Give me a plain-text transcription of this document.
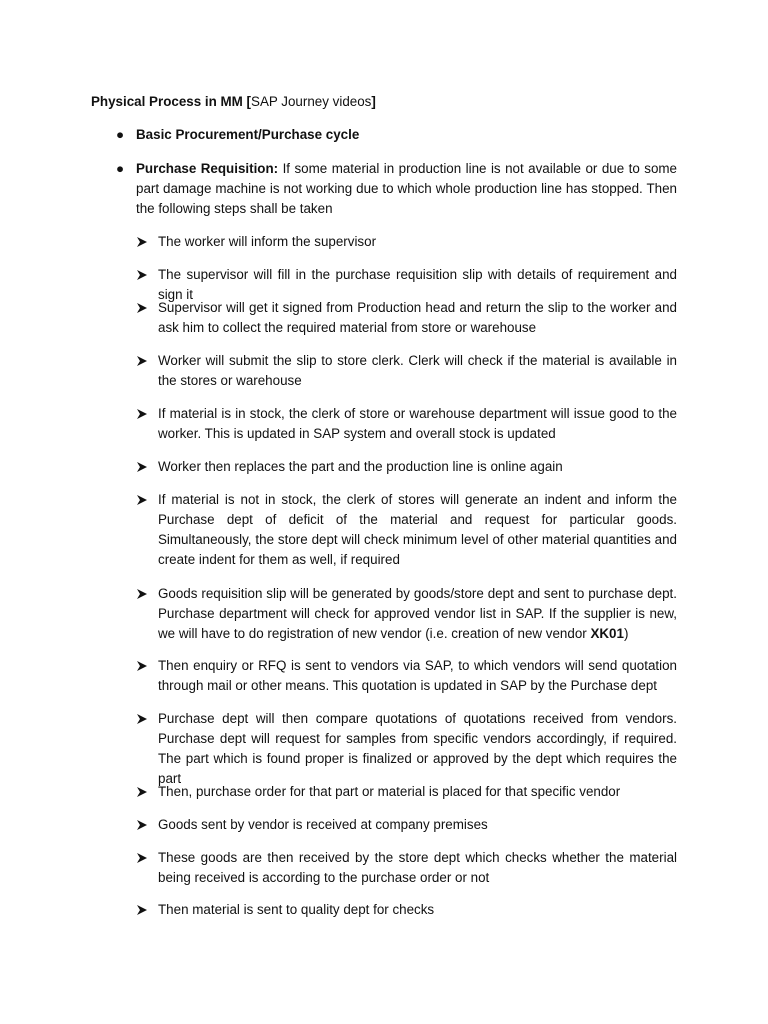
Physical Process in MM [SAP Journey videos]
● Basic Procurement/Purchase cycle
● Purchase Requisition: If some material in production line is not available or due to some part damage machine is not working due to which whole production line has stopped. Then the following steps shall be taken
The worker will inform the supervisor
The supervisor will fill in the purchase requisition slip with details of requirement and sign it
Supervisor will get it signed from Production head and return the slip to the worker and ask him to collect the required material from store or warehouse
Worker will submit the slip to store clerk. Clerk will check if the material is available in the stores or warehouse
If material is in stock, the clerk of store or warehouse department will issue good to the worker. This is updated in SAP system and overall stock is updated
Worker then replaces the part and the production line is online again
If material is not in stock, the clerk of stores will generate an indent and inform the Purchase dept of deficit of the material and request for particular goods. Simultaneously, the store dept will check minimum level of other material quantities and create indent for them as well, if required
Goods requisition slip will be generated by goods/store dept and sent to purchase dept. Purchase department will check for approved vendor list in SAP. If the supplier is new, we will have to do registration of new vendor (i.e. creation of new vendor XK01)
Then enquiry or RFQ is sent to vendors via SAP, to which vendors will send quotation through mail or other means. This quotation is updated in SAP by the Purchase dept
Purchase dept will then compare quotations of quotations received from vendors. Purchase dept will request for samples from specific vendors accordingly, if required. The part which is found proper is finalized or approved by the dept which requires the part
Then, purchase order for that part or material is placed for that specific vendor
Goods sent by vendor is received at company premises
These goods are then received by the store dept which checks whether the material being received is according to the purchase order or not
Then material is sent to quality dept for checks
